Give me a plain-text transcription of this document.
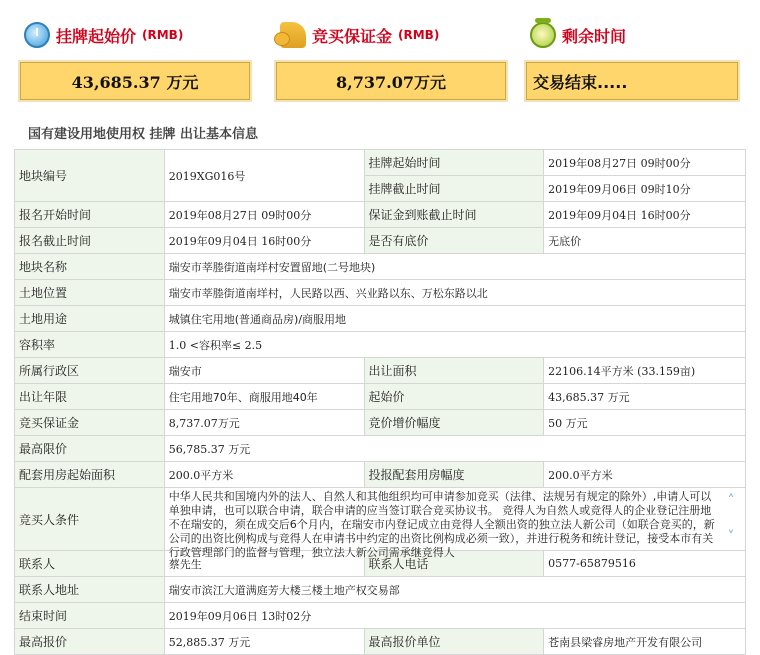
挂牌起始价 (RMB)
43,685.37 万元
竞买保证金 (RMB)
8,737.07万元
剩余时间
交易结束.....
国有建设用地使用权 挂牌 出让基本信息
地块编号	2019XG016号	挂牌起始时间	2019年08月27日 09时00分
		挂牌截止时间	2019年09月06日 09时10分
报名开始时间	2019年08月27日 09时00分	保证金到账截止时间	2019年09月04日 16时00分
报名截止时间	2019年09月04日 16时00分	是否有底价	无底价
地块名称	瑞安市莘塍街道南垟村安置留地(二号地块)		
土地位置	瑞安市莘塍街道南垟村，人民路以西、兴业路以东、万松东路以北		
土地用途	城镇住宅用地(普通商品房)/商服用地		
容积率	1.0 <容积率≤ 2.5		
所属行政区	瑞安市	出让面积	22106.14平方米 (33.159亩)
出让年限	住宅用地70年、商服用地40年	起始价	43,685.37 万元
竞买保证金	8,737.07万元	竞价增价幅度	50 万元
最高限价	56,785.37 万元		
配套用房起始面积	200.0平方米	投报配套用房幅度	200.0平方米
竞买人条件	中华人民共和国境内外的法人、自然人和其他组织均可申请参加竞买（法律、法规另有规定的除外）,申请人可以单独申请，也可以联合申请，联合申请的应当签订联合竞买协议书。 竞得人为自然人或竞得人的企业登记注册地不在瑞安的，须在成交后6个月内，在瑞安市内登记成立由竞得人全额出资的独立法人新公司（如联合竞买的，新公司的出资比例构成与竞得人在申请书中约定的出资比例构成必须一致），并进行税务和统计登记，接受本市有关行政管理部门的监督与管理，独立法人新公司需承继竞得人
˄
˅		

联系人	蔡先生	联系人电话	0577-65879516
联系人地址	瑞安市滨江大道满庭芳大楼三楼土地产权交易部		
结束时间	2019年09月06日 13时02分		
最高报价	52,885.37 万元	最高报价单位	苍南县梁睿房地产开发有限公司
